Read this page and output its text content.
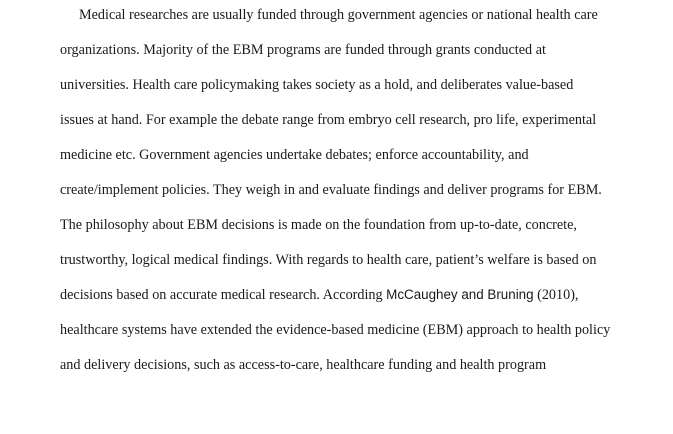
Medical researches are usually funded through government agencies or national health care
organizations. Majority of the EBM programs are funded through grants conducted at
universities. Health care policymaking takes society as a hold, and deliberates value-based
issues at hand. For example the debate range from embryo cell research, pro life, experimental
medicine etc. Government agencies undertake debates; enforce accountability, and
create/implement policies. They weigh in and evaluate findings and deliver programs for EBM.
The philosophy about EBM decisions is made on the foundation from up-to-date, concrete,
trustworthy, logical medical findings. With regards to health care, patient’s welfare is based on
decisions based on accurate medical research. According McCaughey and Bruning (2010),
healthcare systems have extended the evidence-based medicine (EBM) approach to health policy
and delivery decisions, such as access-to-care, healthcare funding and health program
